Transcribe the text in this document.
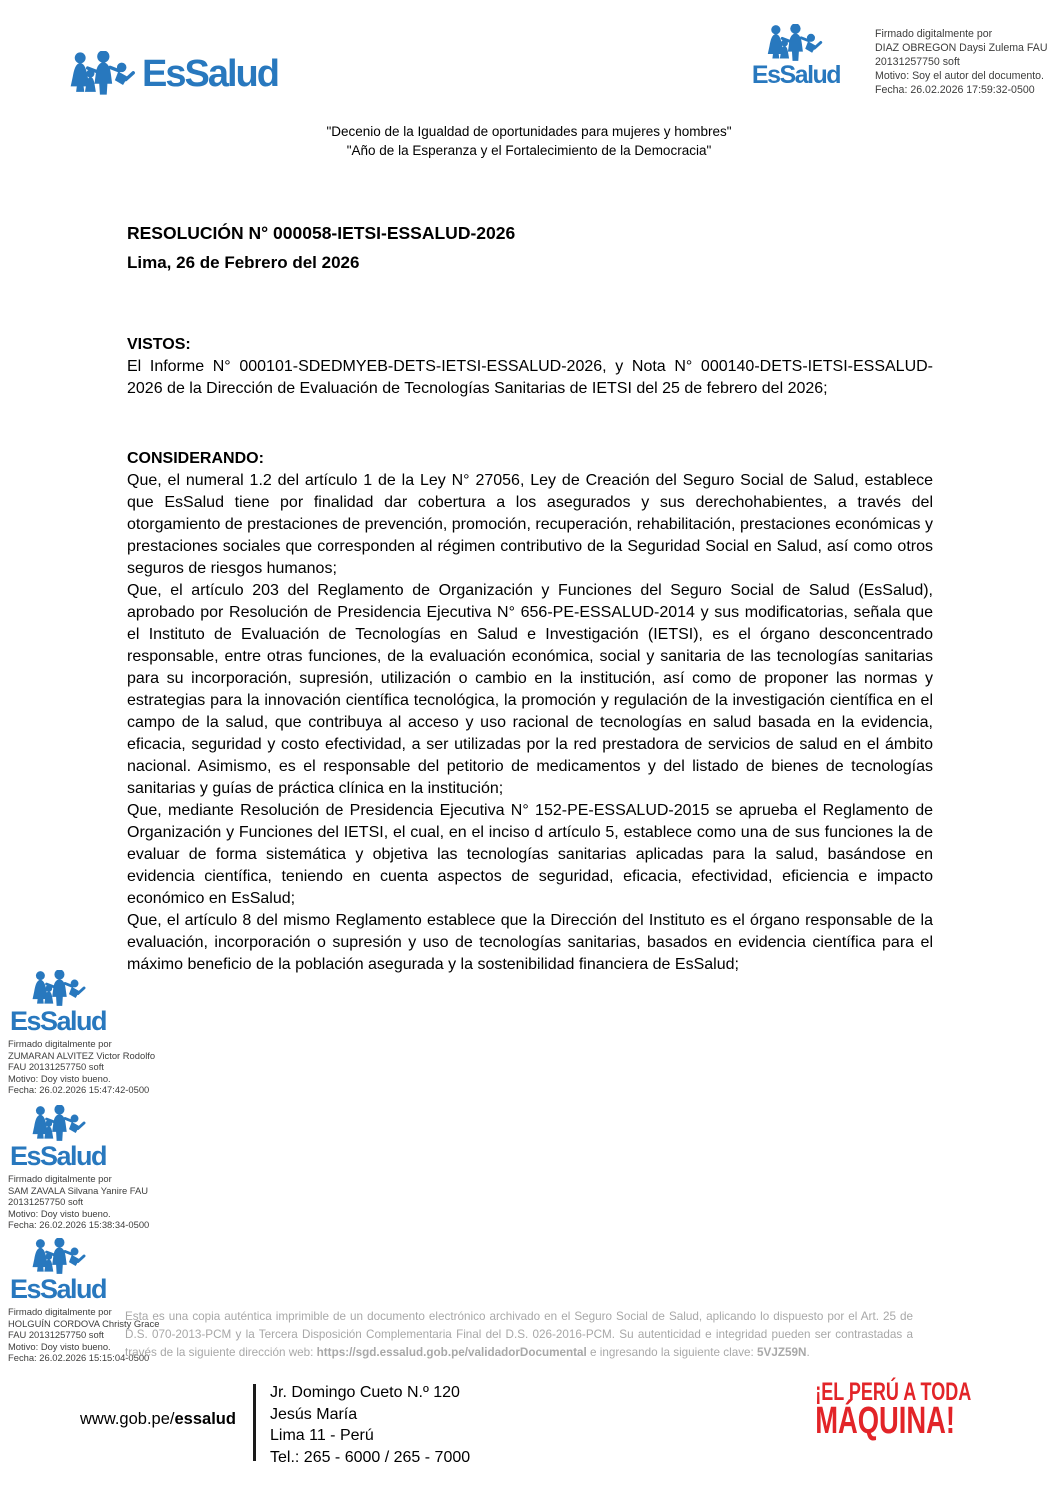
EsSalud	EsSalud
Firmado digitalmente por
DIAZ OBREGON Daysi Zulema FAU
20131257750 soft
Motivo: Soy el autor del documento.
Fecha: 26.02.2026 17:59:32-0500
"Decenio de la Igualdad de oportunidades para mujeres y hombres"
"Año de la Esperanza y el Fortalecimiento de la Democracia"
RESOLUCIÓN N° 000058-IETSI-ESSALUD-2026
Lima, 26 de Febrero del 2026
VISTOS:

El Informe N° 000101-SDEDMYEB-DETS-IETSI-ESSALUD-2026, y Nota N° 000140-DETS-IETSI-ESSALUD-2026 de la Dirección de Evaluación de Tecnologías Sanitarias de IETSI del 25 de febrero del 2026;

CONSIDERANDO:

Que, el numeral 1.2 del artículo 1 de la Ley N° 27056, Ley de Creación del Seguro Social de Salud, establece que EsSalud tiene por finalidad dar cobertura a los asegurados y sus derechohabientes, a través del otorgamiento de prestaciones de prevención, promoción, recuperación, rehabilitación, prestaciones económicas y prestaciones sociales que corresponden al régimen contributivo de la Seguridad Social en Salud, así como otros seguros de riesgos humanos;

Que, el artículo 203 del Reglamento de Organización y Funciones del Seguro Social de Salud (EsSalud), aprobado por Resolución de Presidencia Ejecutiva N° 656-PE-ESSALUD-2014 y sus modificatorias, señala que el Instituto de Evaluación de Tecnologías en Salud e Investigación (IETSI), es el órgano desconcentrado responsable, entre otras funciones, de la evaluación económica, social y sanitaria de las tecnologías sanitarias para su incorporación, supresión, utilización o cambio en la institución, así como de proponer las normas y estrategias para la innovación científica tecnológica, la promoción y regulación de la investigación científica en el campo de la salud, que contribuya al acceso y uso racional de tecnologías en salud basada en la evidencia, eficacia, seguridad y costo efectividad, a ser utilizadas por la red prestadora de servicios de salud en el ámbito nacional. Asimismo, es el responsable del petitorio de medicamentos y del listado de bienes de tecnologías sanitarias y guías de práctica clínica en la institución;

Que, mediante Resolución de Presidencia Ejecutiva N° 152-PE-ESSALUD-2015 se aprueba el Reglamento de Organización y Funciones del IETSI, el cual, en el inciso d artículo 5, establece como una de sus funciones la de evaluar de forma sistemática y objetiva las tecnologías sanitarias aplicadas para la salud, basándose en evidencia científica, teniendo en cuenta aspectos de seguridad, eficacia, efectividad, eficiencia e impacto económico en EsSalud;

Que, el artículo 8 del mismo Reglamento establece que la Dirección del Instituto es el órgano responsable de la evaluación, incorporación o supresión y uso de tecnologías sanitarias, basados en evidencia científica para el máximo beneficio de la población asegurada y la sostenibilidad financiera de EsSalud;

EsSalud
Firmado digitalmente por
ZUMARAN ALVITEZ Victor Rodolfo
FAU 20131257750 soft
Motivo: Doy visto bueno.
Fecha: 26.02.2026 15:47:42-0500
EsSalud
Firmado digitalmente por
SAM ZAVALA Silvana Yanire FAU
20131257750 soft
Motivo: Doy visto bueno.
Fecha: 26.02.2026 15:38:34-0500
EsSalud
Firmado digitalmente por
HOLGUÍN CORDOVA Christy Grace
FAU 20131257750 soft
Motivo: Doy visto bueno.
Fecha: 26.02.2026 15:15:04-0500

Esta es una copia auténtica imprimible de un documento electrónico archivado en el Seguro Social de Salud, aplicando lo dispuesto por el Art. 25 de D.S. 070-2013-PCM y la Tercera Disposición Complementaria Final del D.S. 026-2016-PCM. Su autenticidad e integridad pueden ser contrastadas a través de la siguiente dirección web: https://sgd.essalud.gob.pe/validadorDocumental e ingresando la siguiente clave: 5VJZ59N.

www.gob.pe/essalud
Jr. Domingo Cueto N.º 120
Jesús María
Lima 11 - Perú
Tel.: 265 - 6000 / 265 - 7000
¡EL PERÚ A TODA
MÁQUINA!
